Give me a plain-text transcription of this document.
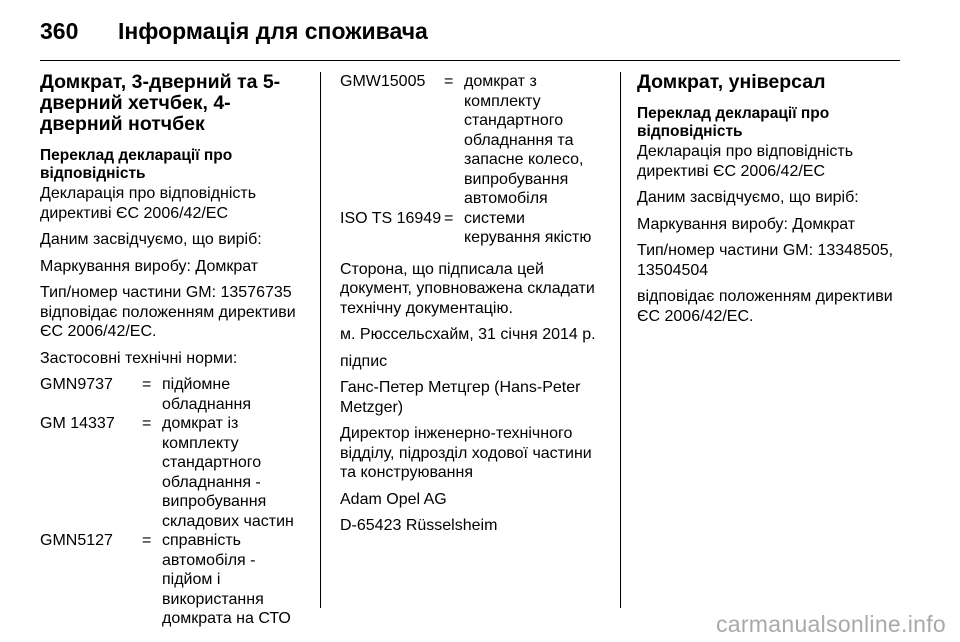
360 Інформація для споживача
Домкрат, 3-дверний та 5-дверний хетчбек, 4-дверний нотчбек
Переклад декларації про відповідність

Декларація про відповідність директиві ЄС 2006/42/ЕС

Даним засвідчуємо, що виріб:

Маркування виробу: Домкрат

Тип/номер частини GM: 13576735 відповідає положенням директиви ЄС 2006/42/ЕС.

Застосовні технічні норми:

GMN9737	=	підйомне обладнання
GM 14337	=	домкрат із комплекту стандартного обладнання - випробування складових частин
GMN5127	=	справність автомобіля - підйом і використання домкрата на СТО
GMW15005	=	домкрат з комплекту стандартного обладнання та запасне колесо, випробування автомобіля
ISO TS 16949	=	системи керування якістю

Сторона, що підписала цей документ, уповноважена складати технічну документацію.

м. Рюссельсхайм, 31 січня 2014 р.

підпис

Ганс-Петер Метцгер (Hans-Peter Metzger)

Директор інженерно-технічного відділу, підрозділ ходової частини та конструювання

Adam Opel AG

D-65423 Rüsselsheim

Домкрат, універсал
Переклад декларації про відповідність

Декларація про відповідність директиві ЄС 2006/42/ЕС

Даним засвідчуємо, що виріб:

Маркування виробу: Домкрат

Тип/номер частини GM: 13348505, 13504504

відповідає положенням директиви ЄС 2006/42/ЕС.

carmanualsonline.info
